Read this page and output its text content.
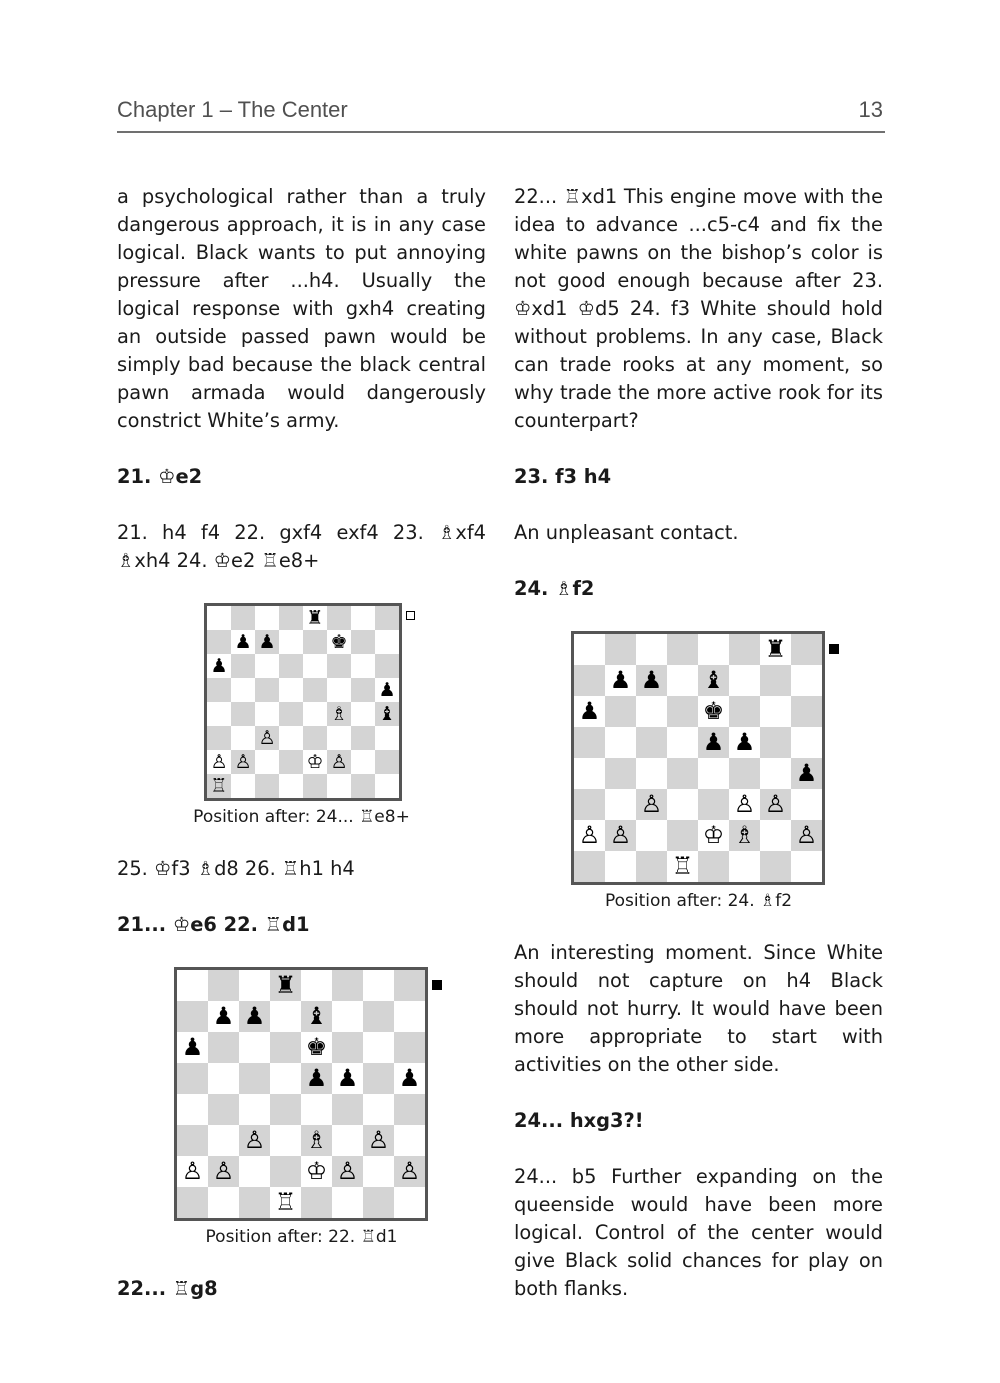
Chapter 1 – The Center	13

a psychological rather than a truly dangerous approach, it is in any case logical. Black wants to put annoying pressure after ...h4. Usually the logical response with gxh4 creating an outside passed pawn would be simply bad because the black central pawn armada would dangerously constrict White’s army.

21. ♔e2

21. h4 f4 22. gxf4 exf4 23. ♗xf4 ♗xh4 24. ♔e2 ♖e8+

♜
♟ ♟	♚
♟
♟
♗ ♝
♙
♙ ♙	♔ ♙
♖
Position after: 24... ♖e8+

25. ♔f3 ♗d8 26. ♖h1 h4

21... ♔e6 22. ♖d1

♜
♟ ♟ ♝
♟	♚
♟ ♟ ♟
♙ ♗ ♙
♙ ♙	♔ ♙ ♙
♖
Position after: 22. ♖d1

22... ♖g8

22... ♖xd1 This engine move with the idea to advance ...c5-c4 and fix the white pawns on the bishop’s color is not good enough because after 23. ♔xd1 ♔d5 24. f3 White should hold without problems. In any case, Black can trade rooks at any moment, so why trade the more active rook for its counterpart?

23. f3 h4

An unpleasant contact.

24. ♗f2

♜
♟ ♟ ♝
♟	♚
♟ ♟
♟
♙	♙ ♙
♙ ♙	♔ ♗ ♙
♖
Position after: 24. ♗f2

An interesting moment. Since White should not capture on h4 Black should not hurry. It would have been more appropriate to start with activities on the other side.

24... hxg3?!

24... b5 Further expanding on the queenside would have been more logical. Control of the center would give Black solid chances for play on both flanks.
